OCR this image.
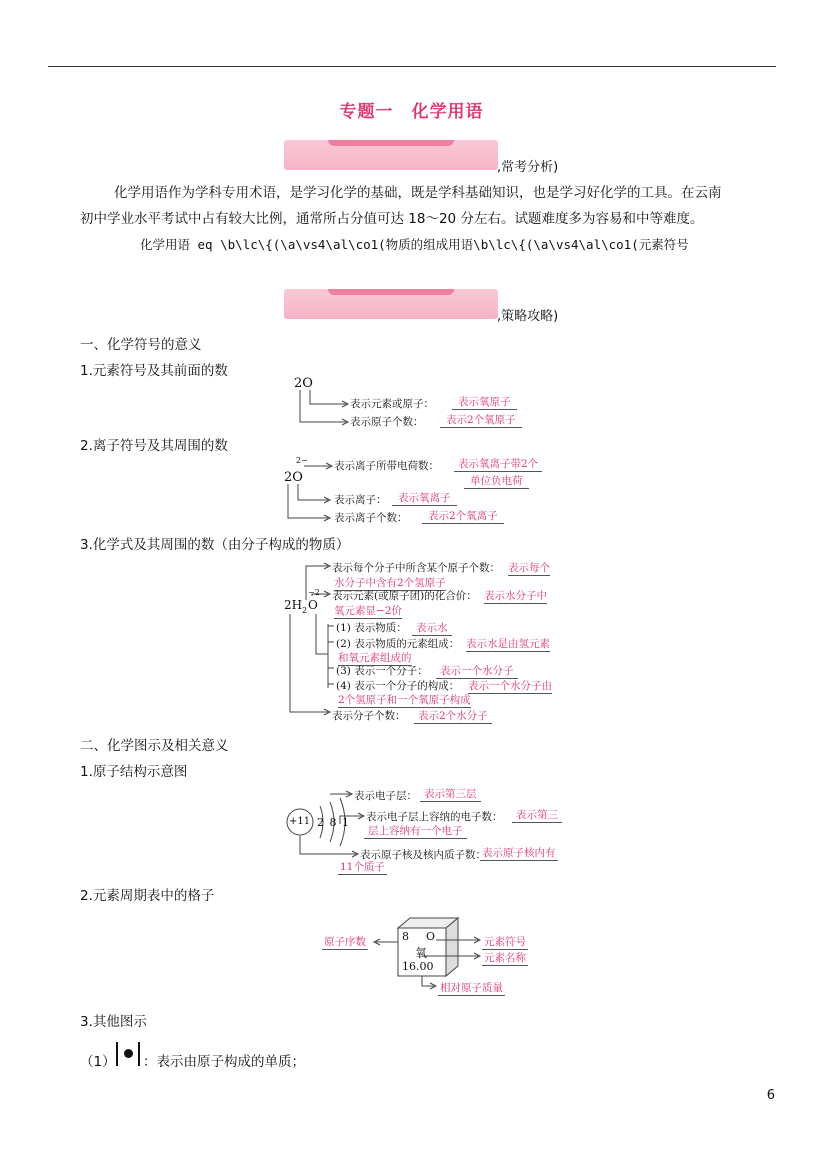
专题一　化学用语
,常考分析)
化学用语作为学科专用术语，是学习化学的基础，既是学科基础知识，也是学习好化学的工具。在云南
初中学业水平考试中占有较大比例，通常所占分值可达 18～20 分左右。试题难度多为容易和中等难度。
化学用语 eq \b\lc\{(\a\vs4\al\co1(物质的组成用语\b\lc\{(\a\vs4\al\co1(元素符号
,策略攻略)
一、化学符号的意义
1.元素符号及其前面的数
2O
表示元素或原子：	表示氧原子
表示原子个数：	表示2个氧原子
2.离子符号及其周围的数
2O
2− 表示离子所带电荷数：	表示氧离子带2个
单位负电荷
表示离子：	表示氧离子
表示离子个数：	表示2个氧离子
3.化学式及其周围的数（由分子构成的物质）
2H 2 O
−2
表示每个分子中所含某个原子个数： 表示每个
水分子中含有2个氢原子
表示元素(或原子团)的化合价： 表示水分子中
氧元素显−2价
(1) 表示物质： 表示水
(2) 表示物质的元素组成： 表示水是由氢元素
和氧元素组成的
(3) 表示一个分子：	表示一个水分子
(4) 表示一个分子的构成： 表示一个水分子由
2个氢原子和一个氧原子构成
表示分子个数：	表示2个水分子
二、化学图示及相关意义
1.原子结构示意图
+11 2 8 1
表示电子层： 表示第三层
表示电子层上容纳的电子数：	表示第三
层上容纳有一个电子
表示原子核及核内质子数：
表示原子核内有
11个质子
2.元素周期表中的格子
8 O
氧
16.00
原子序数	元素符号
元素名称
相对原子质量
3.其他图示
（1） ：表示由原子构成的单质；
6
